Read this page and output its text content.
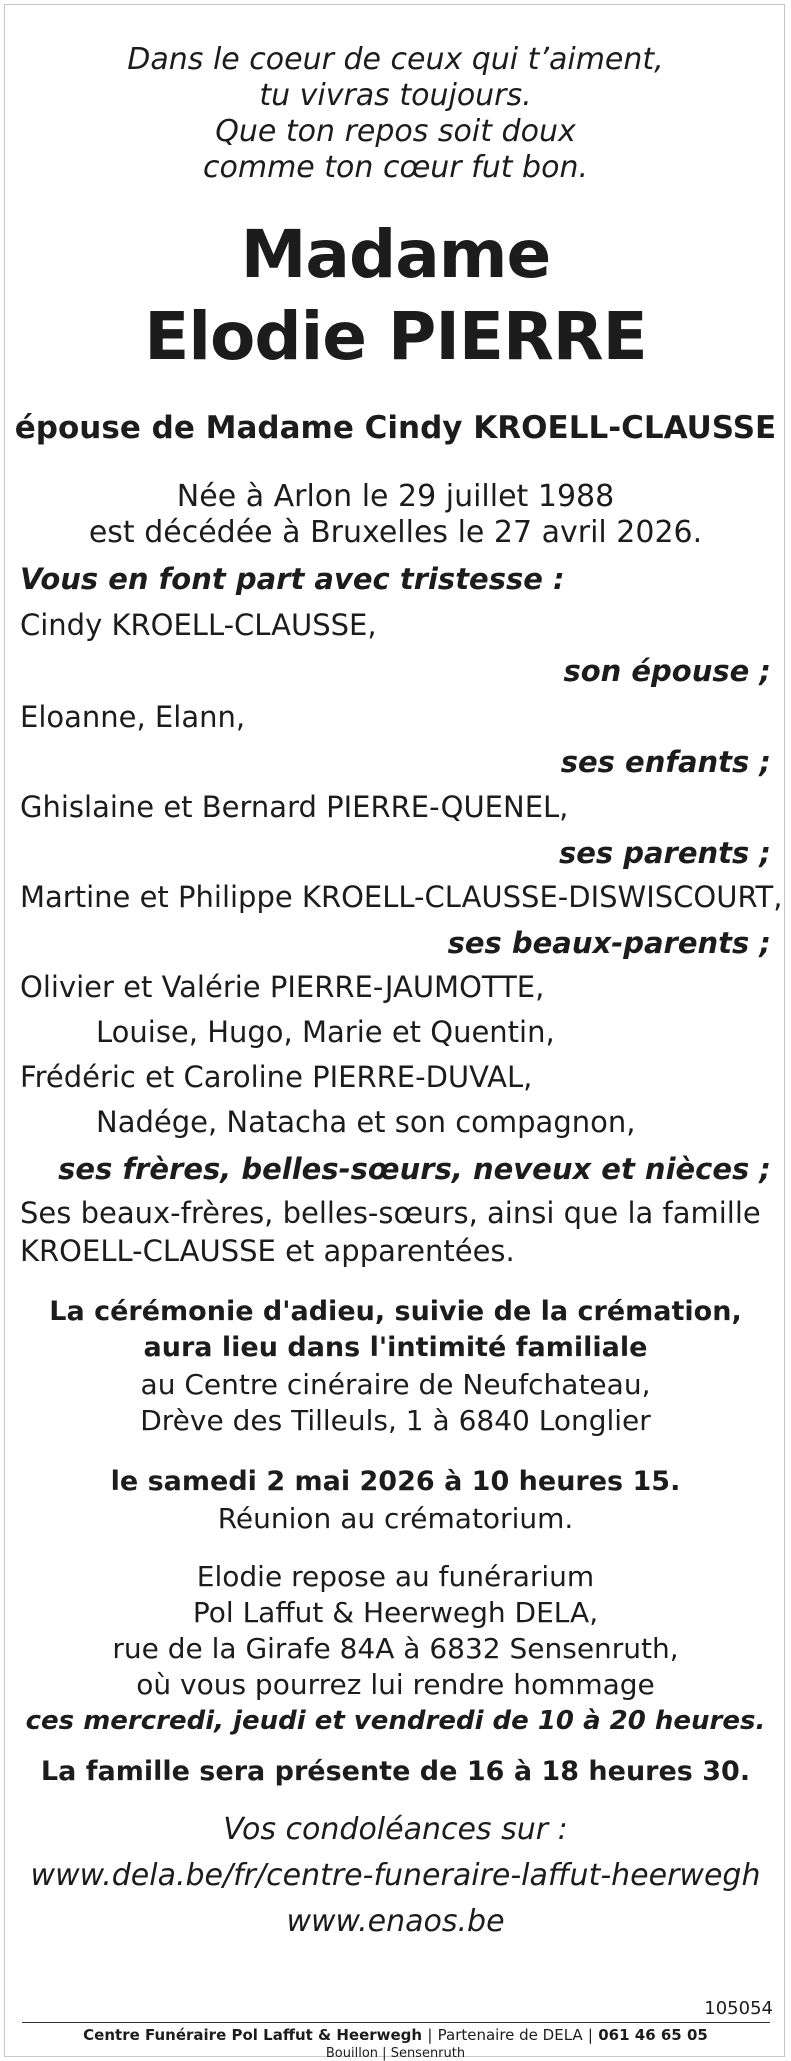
Dans le coeur de ceux qui t’aiment,
tu vivras toujours.
Que ton repos soit doux
comme ton cœur fut bon.
Madame
Elodie PIERRE
épouse de Madame Cindy KROELL-CLAUSSE
Née à Arlon le 29 juillet 1988
est décédée à Bruxelles le 27 avril 2026.
Vous en font part avec tristesse :
Cindy KROELL-CLAUSSE,
son épouse ;
Eloanne, Elann,
ses enfants ;
Ghislaine et Bernard PIERRE-QUENEL,
ses parents ;
Martine et Philippe KROELL-CLAUSSE-DISWISCOURT,
ses beaux-parents ;
Olivier et Valérie PIERRE-JAUMOTTE,
Louise, Hugo, Marie et Quentin,
Frédéric et Caroline PIERRE-DUVAL,
Nadége, Natacha et son compagnon,
ses frères, belles-sœurs, neveux et nièces ;
Ses beaux-frères, belles-sœurs, ainsi que la famille
KROELL-CLAUSSE et apparentées.
La cérémonie d'adieu, suivie de la crémation,
aura lieu dans l'intimité familiale
au Centre cinéraire de Neufchateau,
Drève des Tilleuls, 1 à 6840 Longlier
le samedi 2 mai 2026 à 10 heures 15.
Réunion au crématorium.
Elodie repose au funérarium
Pol Laffut & Heerwegh DELA,
rue de la Girafe 84A à 6832 Sensenruth,
où vous pourrez lui rendre hommage
ces mercredi, jeudi et vendredi de 10 à 20 heures.
La famille sera présente de 16 à 18 heures 30.
Vos condoléances sur :
www.dela.be/fr/centre-funeraire-laffut-heerwegh
www.enaos.be
105054
Centre Funéraire Pol Laffut & Heerwegh | Partenaire de DELA | 061 46 65 05
Bouillon | Sensenruth
